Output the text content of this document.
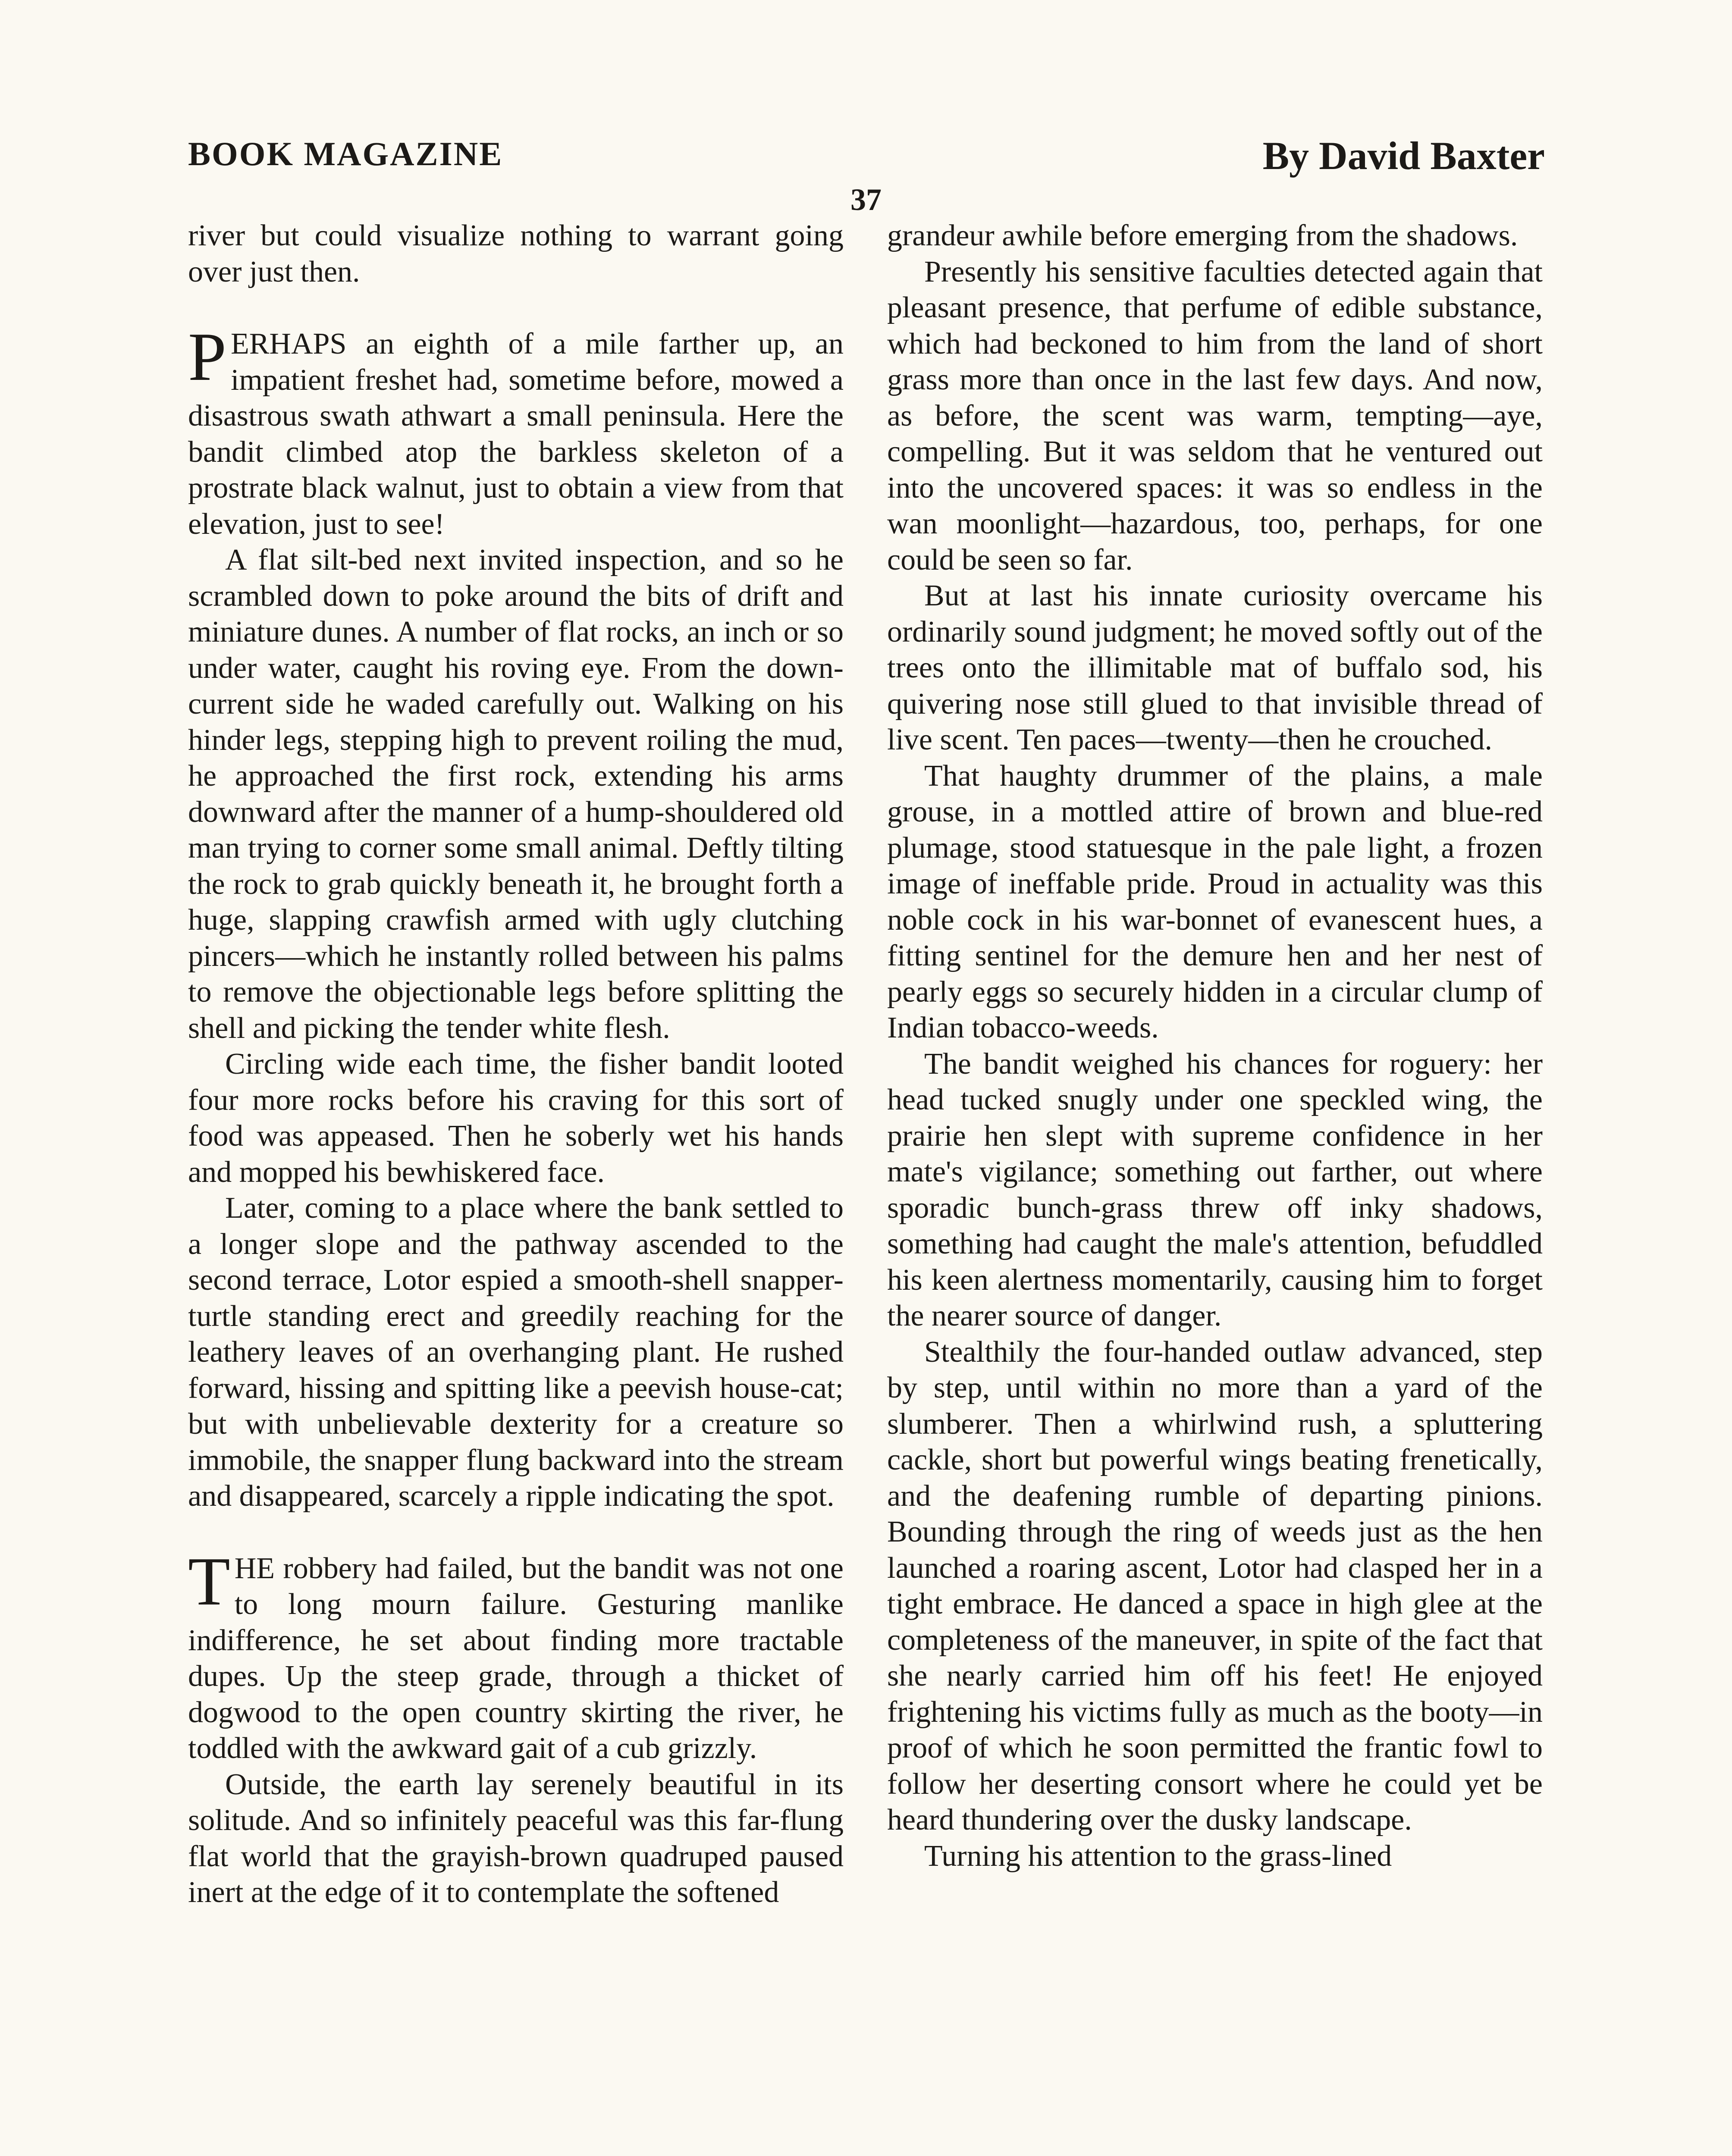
BOOK MAGAZINE	By David Baxter
37

river but could visualize nothing to warrant going over just then.

PERHAPS an eighth of a mile farther up, an impatient freshet had, sometime before, mowed a disastrous swath athwart a small peninsula. Here the bandit climbed atop the barkless skeleton of a prostrate black walnut, just to obtain a view from that elevation, just to see!

A flat silt-bed next invited inspection, and so he scrambled down to poke around the bits of drift and miniature dunes. A number of flat rocks, an inch or so under water, caught his roving eye. From the down-current side he waded carefully out. Walking on his hinder legs, stepping high to prevent roiling the mud, he approached the first rock, extending his arms downward after the manner of a hump-shouldered old man trying to corner some small animal. Deftly tilting the rock to grab quickly beneath it, he brought forth a huge, slapping crawfish armed with ugly clutching pincers—which he instantly rolled between his palms to remove the objectionable legs before splitting the shell and picking the tender white flesh.

Circling wide each time, the fisher bandit looted four more rocks before his craving for this sort of food was appeased. Then he soberly wet his hands and mopped his bewhiskered face.

Later, coming to a place where the bank settled to a longer slope and the pathway ascended to the second terrace, Lotor espied a smooth-shell snapper-turtle standing erect and greedily reaching for the leathery leaves of an overhanging plant. He rushed forward, hissing and spitting like a peevish house-cat; but with unbelievable dexterity for a creature so immobile, the snapper flung backward into the stream and disappeared, scarcely a ripple indicating the spot.

THE robbery had failed, but the bandit was not one to long mourn failure. Gesturing manlike indifference, he set about finding more tractable dupes. Up the steep grade, through a thicket of dogwood to the open country skirting the river, he toddled with the awkward gait of a cub grizzly.

Outside, the earth lay serenely beautiful in its solitude. And so infinitely peaceful was this far-flung flat world that the grayish-brown quadruped paused inert at the edge of it to contemplate the softened

grandeur awhile before emerging from the shadows.

Presently his sensitive faculties detected again that pleasant presence, that perfume of edible substance, which had beckoned to him from the land of short grass more than once in the last few days. And now, as before, the scent was warm, tempting—aye, compelling. But it was seldom that he ventured out into the uncovered spaces: it was so endless in the wan moonlight—hazardous, too, perhaps, for one could be seen so far.

But at last his innate curiosity overcame his ordinarily sound judgment; he moved softly out of the trees onto the illimitable mat of buffalo sod, his quivering nose still glued to that invisible thread of live scent. Ten paces—twenty—then he crouched.

That haughty drummer of the plains, a male grouse, in a mottled attire of brown and blue-red plumage, stood statuesque in the pale light, a frozen image of ineffable pride. Proud in actuality was this noble cock in his war-bonnet of evanescent hues, a fitting sentinel for the demure hen and her nest of pearly eggs so securely hidden in a circular clump of Indian tobacco-weeds.

The bandit weighed his chances for roguery: her head tucked snugly under one speckled wing, the prairie hen slept with supreme confidence in her mate's vigilance; something out farther, out where sporadic bunch-grass threw off inky shadows, something had caught the male's attention, befuddled his keen alertness momentarily, causing him to forget the nearer source of danger.

Stealthily the four-handed outlaw advanced, step by step, until within no more than a yard of the slumberer. Then a whirlwind rush, a spluttering cackle, short but powerful wings beating frenetically, and the deafening rumble of departing pinions. Bounding through the ring of weeds just as the hen launched a roaring ascent, Lotor had clasped her in a tight embrace. He danced a space in high glee at the completeness of the maneuver, in spite of the fact that she nearly carried him off his feet! He enjoyed frightening his victims fully as much as the booty—in proof of which he soon permitted the frantic fowl to follow her deserting consort where he could yet be heard thundering over the dusky landscape.

Turning his attention to the grass-lined
